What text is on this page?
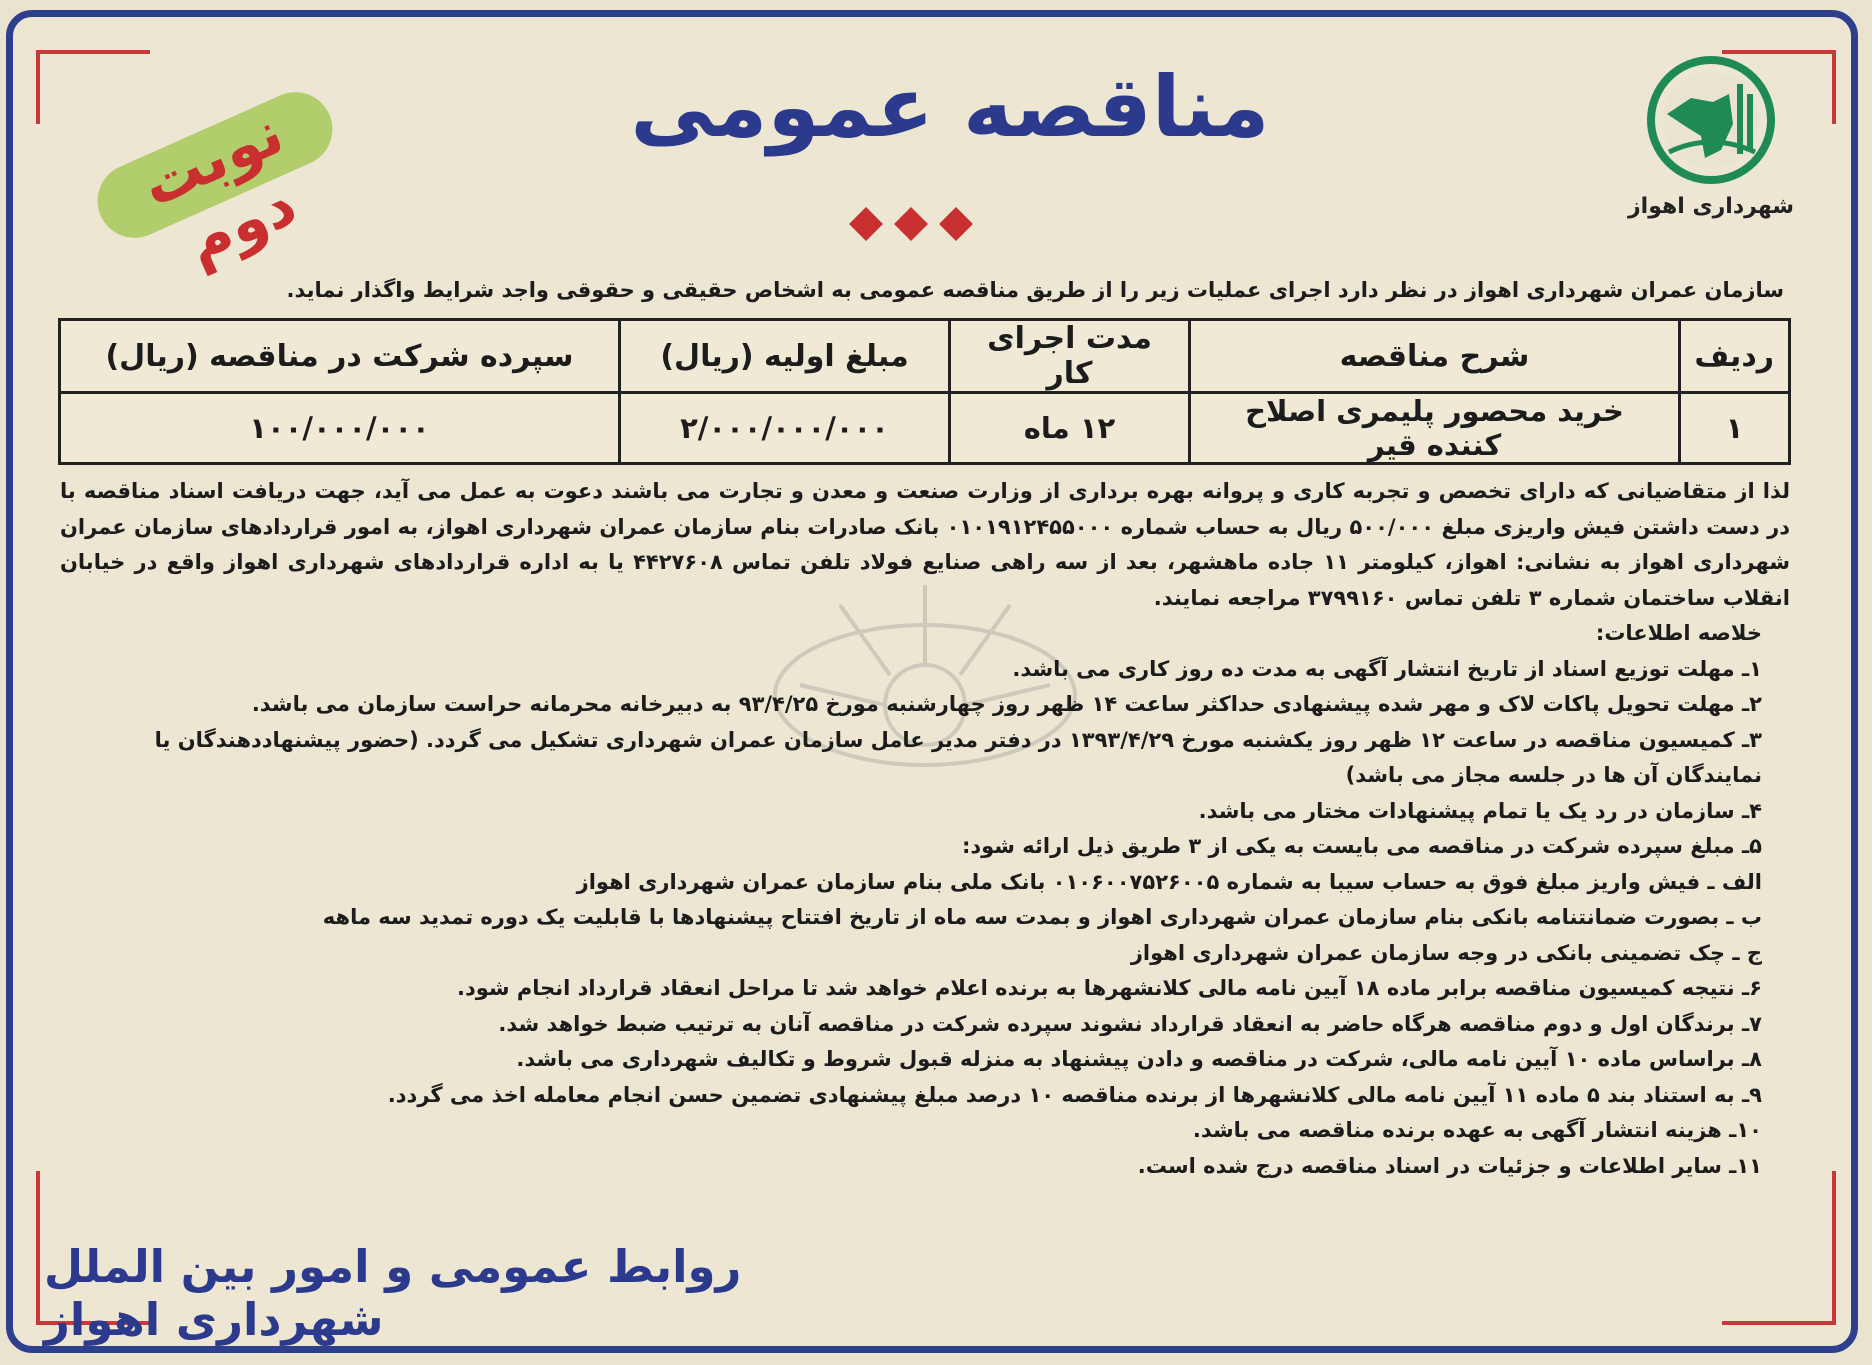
نوبت دوم
مناقصه عمومی
شهرداری اهواز
سازمان عمران شهرداری اهواز در نظر دارد اجرای عملیات زیر را از طریق مناقصه عمومی به اشخاص حقیقی و حقوقی واجد شرایط واگذار نماید.
ردیف	شرح مناقصه	مدت اجرای کار	مبلغ اولیه (ریال)	سپرده شرکت در مناقصه (ریال)
۱	خرید محصور پلیمری اصلاح کننده قیر	۱۲ ماه	۲/۰۰۰/۰۰۰/۰۰۰	۱۰۰/۰۰۰/۰۰۰

لذا از متقاضیانی که دارای تخصص و تجربه کاری و پروانه بهره برداری از وزارت صنعت و معدن و تجارت می باشند دعوت به عمل می آید، جهت دریافت اسناد مناقصه با در دست داشتن فیش واریزی مبلغ ۵۰۰/۰۰۰ ریال به حساب شماره ۰۱۰۱۹۱۲۴۵۵۰۰۰ بانک صادرات بنام سازمان عمران شهرداری اهواز، به امور قراردادهای سازمان عمران شهرداری اهواز به نشانی: اهواز، کیلومتر ۱۱ جاده ماهشهر، بعد از سه راهی صنایع فولاد تلفن تماس ۴۴۲۷۶۰۸ یا به اداره قراردادهای شهرداری اهواز واقع در خیابان انقلاب ساختمان شماره ۳ تلفن تماس ۳۷۹۹۱۶۰ مراجعه نمایند.

خلاصه اطلاعات:
۱ـ مهلت توزیع اسناد از تاریخ انتشار آگهی به مدت ده روز کاری می باشد.
۲ـ مهلت تحویل پاکات لاک و مهر شده پیشنهادی حداکثر ساعت ۱۴ ظهر روز چهارشنبه مورخ ۹۳/۴/۲۵ به دبیرخانه محرمانه حراست سازمان می باشد.
۳ـ کمیسیون مناقصه در ساعت ۱۲ ظهر روز یکشنبه مورخ ۱۳۹۳/۴/۲۹ در دفتر مدیر عامل سازمان عمران شهرداری تشکیل می گردد. (حضور پیشنهاددهندگان یا نمایندگان آن ها در جلسه مجاز می باشد)
۴ـ سازمان در رد یک یا تمام پیشنهادات مختار می باشد.
۵ـ مبلغ سپرده شرکت در مناقصه می بایست به یکی از ۳ طریق ذیل ارائه شود:
الف ـ فیش واریز مبلغ فوق به حساب سیبا به شماره ۰۱۰۶۰۰۷۵۲۶۰۰۵ بانک ملی بنام سازمان عمران شهرداری اهواز
ب ـ بصورت ضمانتنامه بانکی بنام سازمان عمران شهرداری اهواز و بمدت سه ماه از تاریخ افتتاح پیشنهادها با قابلیت یک دوره تمدید سه ماهه
ج ـ چک تضمینی بانکی در وجه سازمان عمران شهرداری اهواز
۶ـ نتیجه کمیسیون مناقصه برابر ماده ۱۸ آیین نامه مالی کلانشهرها به برنده اعلام خواهد شد تا مراحل انعقاد قرارداد انجام شود.
۷ـ برندگان اول و دوم مناقصه هرگاه حاضر به انعقاد قرارداد نشوند سپرده شرکت در مناقصه آنان به ترتیب ضبط خواهد شد.
۸ـ براساس ماده ۱۰ آیین نامه مالی، شرکت در مناقصه و دادن پیشنهاد به منزله قبول شروط و تکالیف شهرداری می باشد.
۹ـ به استناد بند ۵ ماده ۱۱ آیین نامه مالی کلانشهرها از برنده مناقصه ۱۰ درصد مبلغ پیشنهادی تضمین حسن انجام معامله اخذ می گردد.
۱۰ـ هزینه انتشار آگهی به عهده برنده مناقصه می باشد.
۱۱ـ سایر اطلاعات و جزئیات در اسناد مناقصه درج شده است.
روابط عمومی و امور بین الملل شهرداری اهواز
